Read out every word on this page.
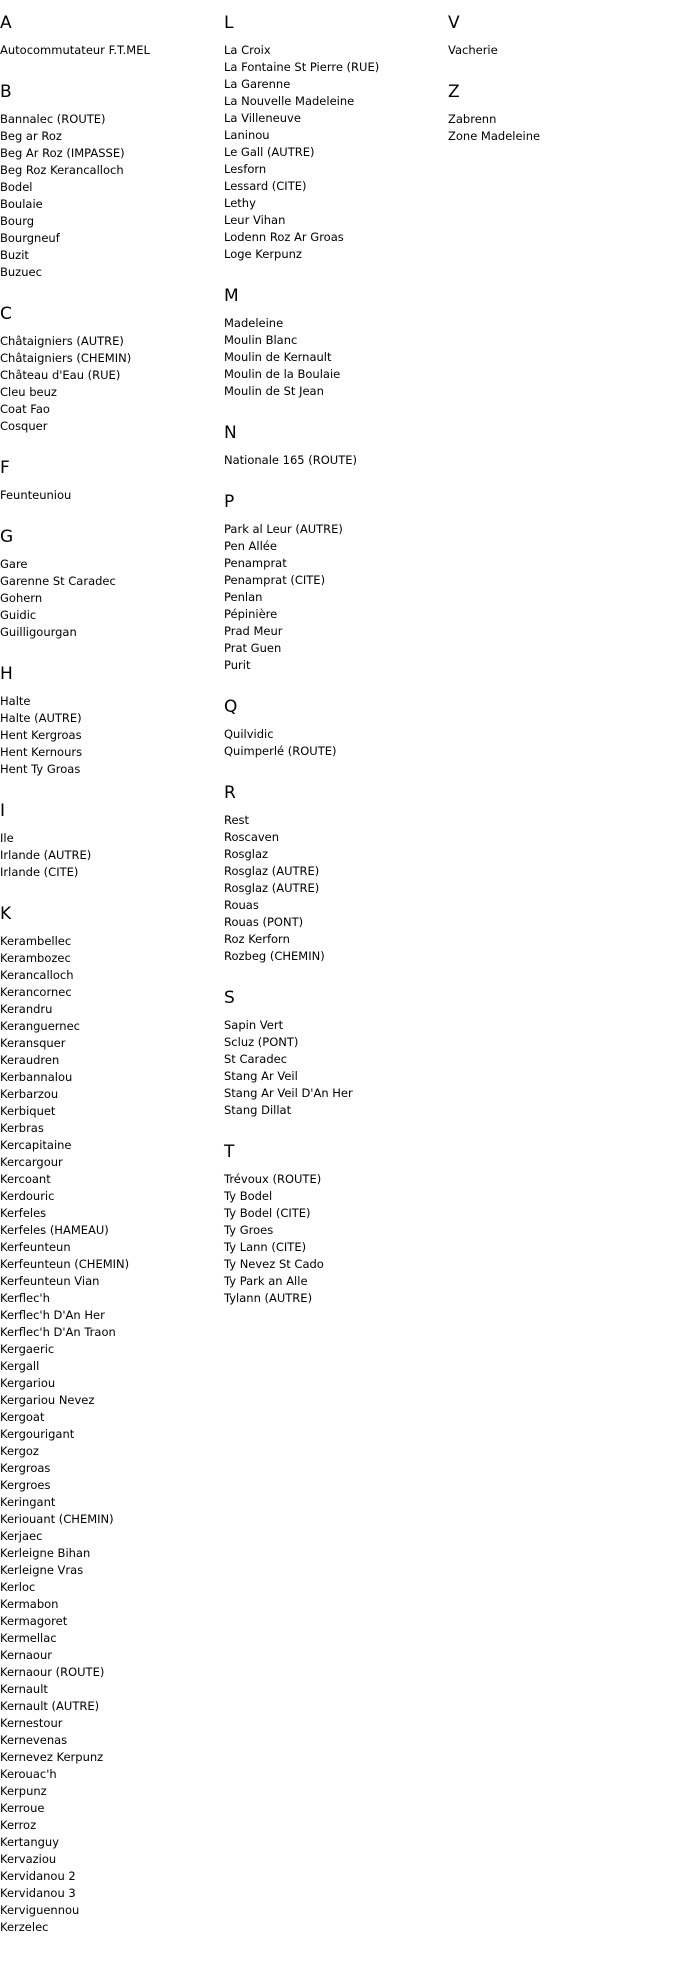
A
Autocommutateur F.T.MEL
B
Bannalec (ROUTE)
Beg ar Roz
Beg Ar Roz (IMPASSE)
Beg Roz Kerancalloch
Bodel
Boulaie
Bourg
Bourgneuf
Buzit
Buzuec
C
Châtaigniers (AUTRE)
Châtaigniers (CHEMIN)
Château d'Eau (RUE)
Cleu beuz
Coat Fao
Cosquer
F
Feunteuniou
G
Gare
Garenne St Caradec
Gohern
Guidic
Guilligourgan
H
Halte
Halte (AUTRE)
Hent Kergroas
Hent Kernours
Hent Ty Groas
I
Ile
Irlande (AUTRE)
Irlande (CITE)
K
Kerambellec
Kerambozec
Kerancalloch
Kerancornec
Kerandru
Keranguernec
Keransquer
Keraudren
Kerbannalou
Kerbarzou
Kerbiquet
Kerbras
Kercapitaine
Kercargour
Kercoant
Kerdouric
Kerfeles
Kerfeles (HAMEAU)
Kerfeunteun
Kerfeunteun (CHEMIN)
Kerfeunteun Vian
Kerflec'h
Kerflec'h D'An Her
Kerflec'h D'An Traon
Kergaeric
Kergall
Kergariou
Kergariou Nevez
Kergoat
Kergourigant
Kergoz
Kergroas
Kergroes
Keringant
Keriouant (CHEMIN)
Kerjaec
Kerleigne Bihan
Kerleigne Vras
Kerloc
Kermabon
Kermagoret
Kermellac
Kernaour
Kernaour (ROUTE)
Kernault
Kernault (AUTRE)
Kernestour
Kernevenas
Kernevez Kerpunz
Kerouac'h
Kerpunz
Kerroue
Kerroz
Kertanguy
Kervaziou
Kervidanou 2
Kervidanou 3
Kerviguennou
Kerzelec
L
La Croix
La Fontaine St Pierre (RUE)
La Garenne
La Nouvelle Madeleine
La Villeneuve
Laninou
Le Gall (AUTRE)
Lesforn
Lessard (CITE)
Lethy
Leur Vihan
Lodenn Roz Ar Groas
Loge Kerpunz
M
Madeleine
Moulin Blanc
Moulin de Kernault
Moulin de la Boulaie
Moulin de St Jean
N
Nationale 165 (ROUTE)
P
Park al Leur (AUTRE)
Pen Allée
Penamprat
Penamprat (CITE)
Penlan
Pépinière
Prad Meur
Prat Guen
Purit
Q
Quilvidic
Quimperlé (ROUTE)
R
Rest
Roscaven
Rosglaz
Rosglaz (AUTRE)
Rosglaz (AUTRE)
Rouas
Rouas (PONT)
Roz Kerforn
Rozbeg (CHEMIN)
S
Sapin Vert
Scluz (PONT)
St Caradec
Stang Ar Veil
Stang Ar Veil D'An Her
Stang Dillat
T
Trévoux (ROUTE)
Ty Bodel
Ty Bodel (CITE)
Ty Groes
Ty Lann (CITE)
Ty Nevez St Cado
Ty Park an Alle
Tylann (AUTRE)
V
Vacherie
Z
Zabrenn
Zone Madeleine
